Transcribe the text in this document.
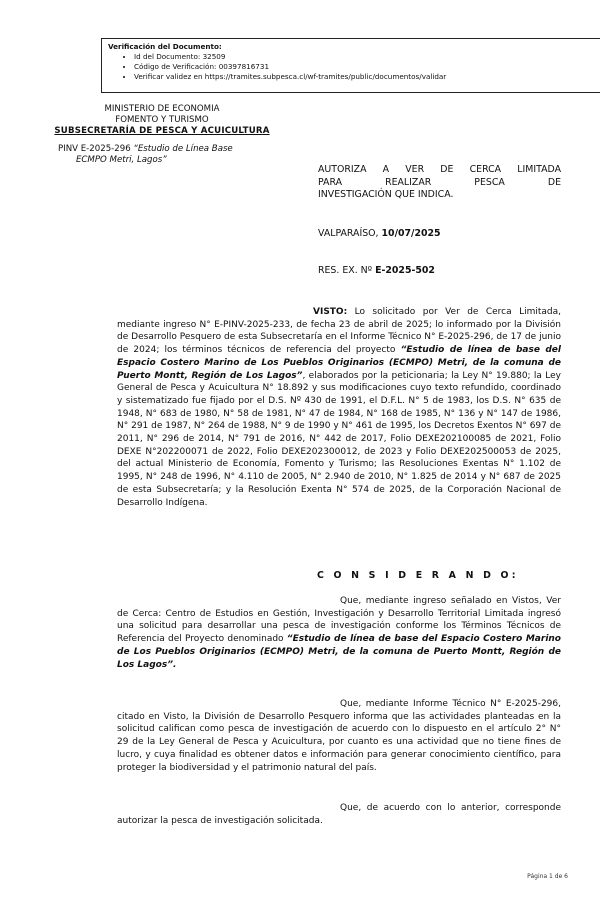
Verificación del Documento:
• Id del Documento: 32509
• Código de Verificación: 00397816731
• Verificar validez en https://tramites.subpesca.cl/wf-tramites/public/documentos/validar
MINISTERIO DE ECONOMIA
FOMENTO Y TURISMO
SUBSECRETARÍA DE PESCA Y ACUICULTURA
PINV E-2025-296 “Estudio de Línea Base
ECMPO Metri, Lagos”
AUTORIZA A VER DE CERCA LIMITADA
PARA REALIZAR PESCA DE
INVESTIGACIÓN QUE INDICA.
VALPARAÍSO, 10/07/2025
RES. EX. Nº E-2025-502

VISTO: Lo solicitado por Ver de Cerca Limitada, mediante ingreso N° E-PINV-2025-233, de fecha 23 de abril de 2025; lo informado por la División de Desarrollo Pesquero de esta Subsecretaría en el Informe Técnico N° E-2025-296, de 17 de junio de 2024; los términos técnicos de referencia del proyecto “Estudio de línea de base del Espacio Costero Marino de Los Pueblos Originarios (ECMPO) Metri, de la comuna de Puerto Montt, Región de Los Lagos”, elaborados por la peticionaria; la Ley N° 19.880; la Ley General de Pesca y Acuicultura N° 18.892 y sus modificaciones cuyo texto refundido, coordinado y sistematizado fue fijado por el D.S. Nº 430 de 1991, el D.F.L. N° 5 de 1983, los D.S. N° 635 de 1948, N° 683 de 1980, N° 58 de 1981, N° 47 de 1984, N° 168 de 1985, N° 136 y N° 147 de 1986, N° 291 de 1987, N° 264 de 1988, N° 9 de 1990 y N° 461 de 1995, los Decretos Exentos N° 697 de 2011, N° 296 de 2014, N° 791 de 2016, N° 442 de 2017, Folio DEXE202100085 de 2021, Folio DEXE N°202200071 de 2022, Folio DEXE202300012, de 2023 y Folio DEXE202500053 de 2025, del actual Ministerio de Economía, Fomento y Turismo; las Resoluciones Exentas N° 1.102 de 1995, N° 248 de 1996, N° 4.110 de 2005, N° 2.940 de 2010, N° 1.825 de 2014 y N° 687 de 2025 de esta Subsecretaría; y la Resolución Exenta N° 574 de 2025, de la Corporación Nacional de Desarrollo Indígena.

C O N S I D E R A N D O:

Que, mediante ingreso señalado en Vistos, Ver de Cerca: Centro de Estudios en Gestión, Investigación y Desarrollo Territorial Limitada ingresó una solicitud para desarrollar una pesca de investigación conforme los Términos Técnicos de Referencia del Proyecto denominado “Estudio de línea de base del Espacio Costero Marino de Los Pueblos Originarios (ECMPO) Metri, de la comuna de Puerto Montt, Región de Los Lagos”.

Que, mediante Informe Técnico N° E-2025-296, citado en Visto, la División de Desarrollo Pesquero informa que las actividades planteadas en la solicitud califican como pesca de investigación de acuerdo con lo dispuesto en el artículo 2° N° 29 de la Ley General de Pesca y Acuicultura, por cuanto es una actividad que no tiene fines de lucro, y cuya finalidad es obtener datos e información para generar conocimiento científico, para proteger la biodiversidad y el patrimonio natural del país.

Que, de acuerdo con lo anterior, corresponde autorizar la pesca de investigación solicitada.

Página 1 de 6
